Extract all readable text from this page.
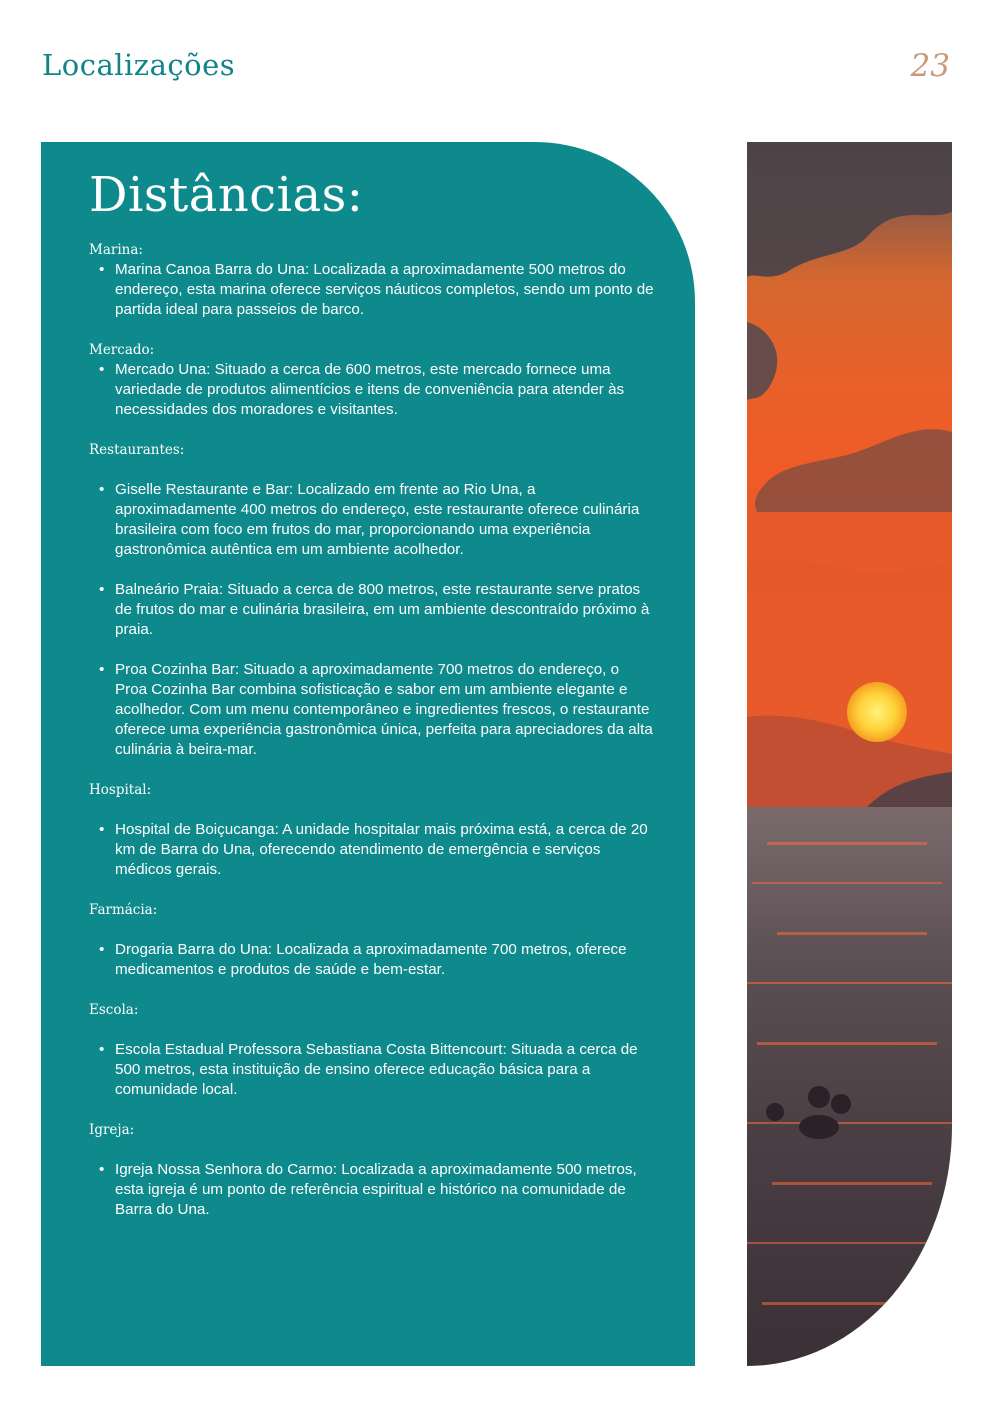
Localizações	23
Distâncias:

Marina:

• Marina Canoa Barra do Una: Localizada a aproximadamente 500 metros do endereço, esta marina oferece serviços náuticos completos, sendo um ponto de partida ideal para passeios de barco.

Mercado:

• Mercado Una: Situado a cerca de 600 metros, este mercado fornece uma variedade de produtos alimentícios e itens de conveniência para atender às necessidades dos moradores e visitantes.

Restaurantes:

• Giselle Restaurante e Bar: Localizado em frente ao Rio Una, a aproximadamente 400 metros do endereço, este restaurante oferece culinária brasileira com foco em frutos do mar, proporcionando uma experiência gastronômica autêntica em um ambiente acolhedor.
• Balneário Praia: Situado a cerca de 800 metros, este restaurante serve pratos de frutos do mar e culinária brasileira, em um ambiente descontraído próximo à praia.
• Proa Cozinha Bar: Situado a aproximadamente 700 metros do endereço, o Proa Cozinha Bar combina sofisticação e sabor em um ambiente elegante e acolhedor. Com um menu contemporâneo e ingredientes frescos, o restaurante oferece uma experiência gastronômica única, perfeita para apreciadores da alta culinária à beira-mar.

Hospital:

• Hospital de Boiçucanga: A unidade hospitalar mais próxima está, a cerca de 20 km de Barra do Una, oferecendo atendimento de emergência e serviços médicos gerais.

Farmácia:

• Drogaria Barra do Una: Localizada a aproximadamente 700 metros, oferece medicamentos e produtos de saúde e bem-estar.

Escola:

• Escola Estadual Professora Sebastiana Costa Bittencourt: Situada a cerca de 500 metros, esta instituição de ensino oferece educação básica para a comunidade local.

Igreja:

• Igreja Nossa Senhora do Carmo: Localizada a aproximadamente 500 metros, esta igreja é um ponto de referência espiritual e histórico na comunidade de Barra do Una.
